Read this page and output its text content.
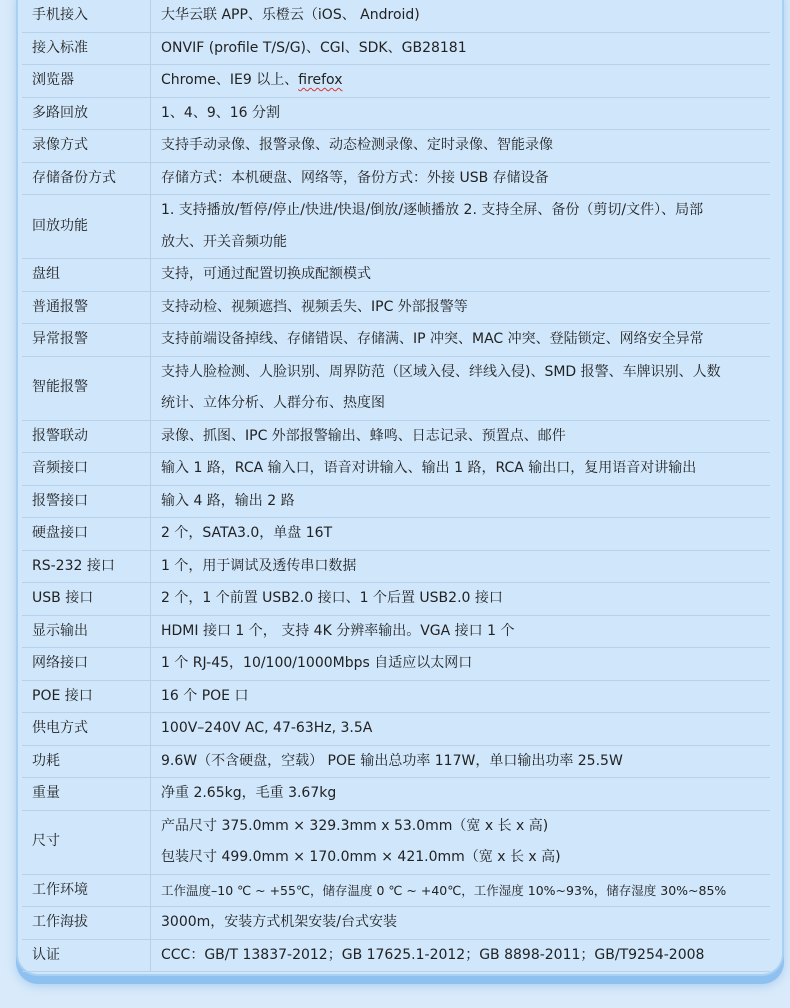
手机接入	大华云联 APP、乐橙云（iOS、 Android)

接入标准	ONVIF (profile T/S/G)、CGI、SDK、GB28181

浏览器	Chrome、IE9 以上、firefox

多路回放	1、4、9、16 分割

录像方式	支持手动录像、报警录像、动态检测录像、定时录像、智能录像

存储备份方式	存储方式：本机硬盘、网络等，备份方式：外接 USB 存储设备

回放功能	1. 支持播放/暂停/停止/快进/快退/倒放/逐帧播放 2. 支持全屏、备份（剪切/文件）、局部
放大、开关音频功能

盘组	支持，可通过配置切换成配额模式

普通报警	支持动检、视频遮挡、视频丢失、IPC 外部报警等

异常报警	支持前端设备掉线、存储错误、存储满、IP 冲突、MAC 冲突、登陆锁定、网络安全异常

智能报警	支持人脸检测、人脸识别、周界防范（区域入侵、绊线入侵)、SMD 报警、车牌识别、人数
统计、立体分析、人群分布、热度图

报警联动	录像、抓图、IPC 外部报警输出、蜂鸣、日志记录、预置点、邮件

音频接口	输入 1 路，RCA 输入口，语音对讲输入、输出 1 路，RCA 输出口，复用语音对讲输出

报警接口	输入 4 路，输出 2 路

硬盘接口	2 个，SATA3.0，单盘 16T

RS-232 接口	1 个，用于调试及透传串口数据

USB 接口	2 个，1 个前置 USB2.0 接口、1 个后置 USB2.0 接口

显示输出	HDMI 接口 1 个， 支持 4K 分辨率输出。VGA 接口 1 个

网络接口	1 个 RJ-45，10/100/1000Mbps 自适应以太网口

POE 接口	16 个 POE 口

供电方式	100V–240V AC, 47-63Hz, 3.5A

功耗	9.6W（不含硬盘，空载） POE 输出总功率 117W，单口输出功率 25.5W

重量	净重 2.65kg，毛重 3.67kg

尺寸	产品尺寸 375.0mm × 329.3mm x 53.0mm（宽 x 长 x 高)
包装尺寸 499.0mm × 170.0mm × 421.0mm（宽 x 长 x 高)

工作环境	工作温度–10 ℃ ~ +55℃，储存温度 0 ℃ ~ +40℃，工作湿度 10%~93%，储存湿度 30%~85%

工作海拔	3000m，安装方式机架安装/台式安装

认证	CCC：GB/T 13837-2012；GB 17625.1-2012；GB 8898-2011；GB/T9254-2008
